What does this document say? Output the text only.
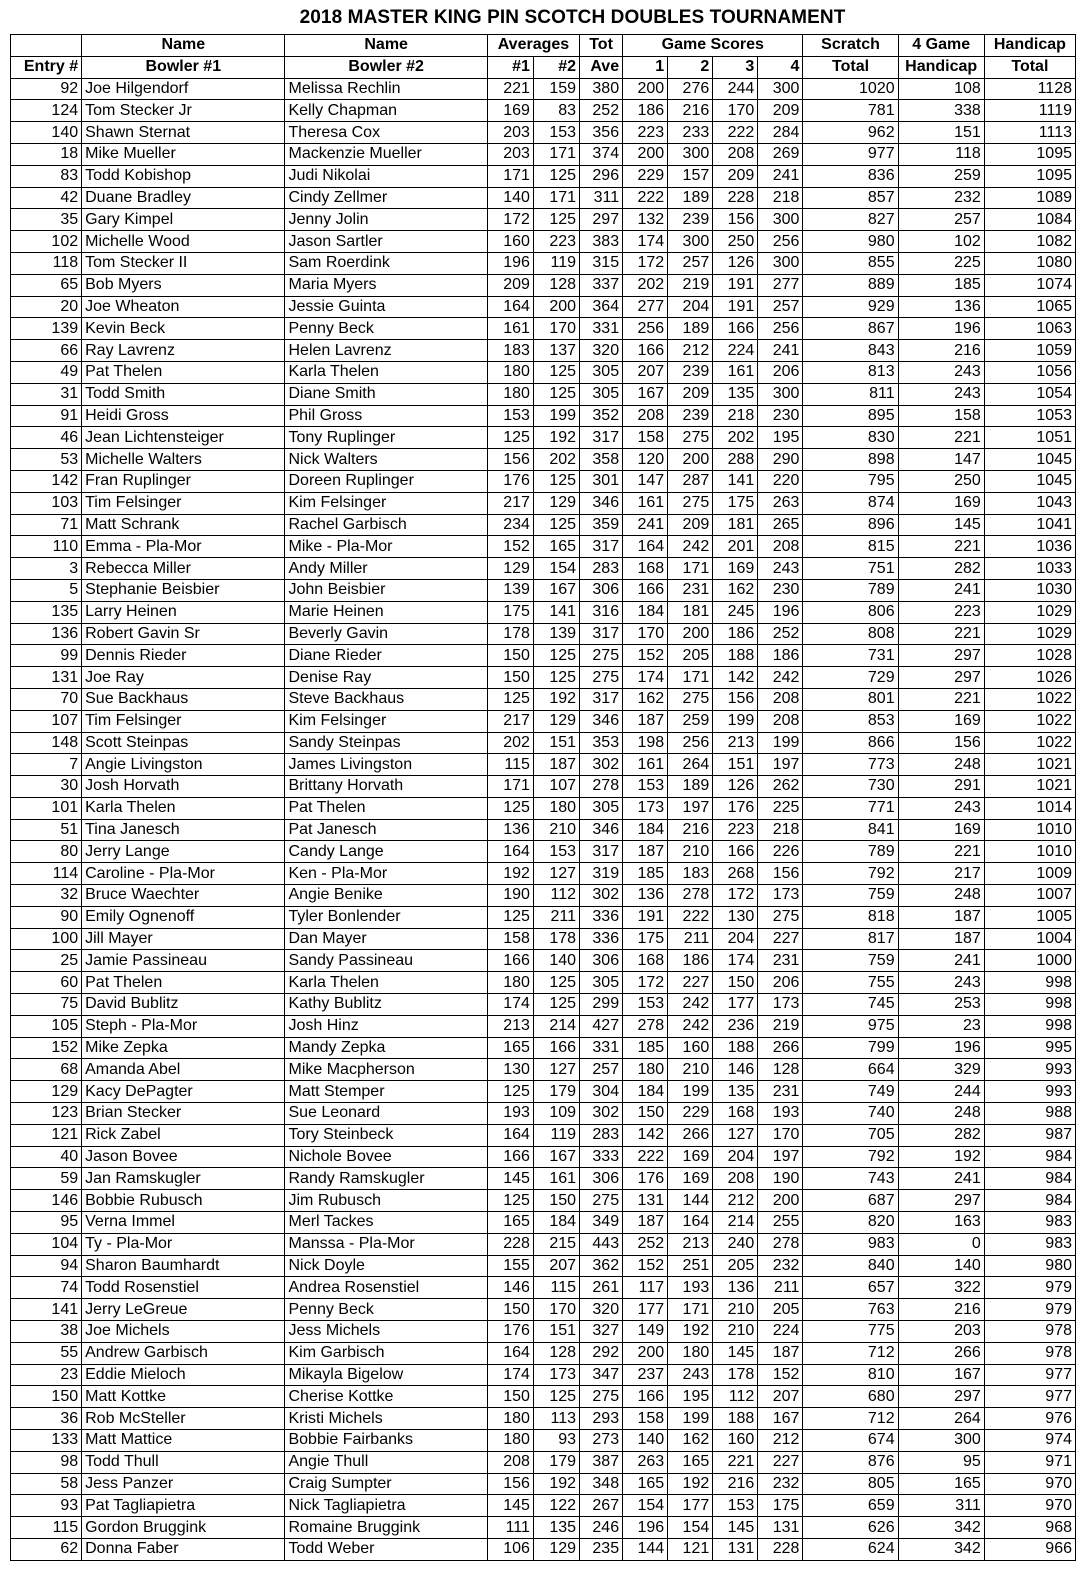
2018 MASTER KING PIN SCOTCH DOUBLES TOURNAMENT
	Name	Name	Averages		Tot	Game Scores				Scratch	4 Game	Handicap
Entry #	Bowler #1	Bowler #2	#1	#2	Ave	1	2	3	4	Total	Handicap	Total
92	Joe Hilgendorf	Melissa Rechlin	221	159	380	200	276	244	300	1020	108	1128
124	Tom Stecker Jr	Kelly Chapman	169	83	252	186	216	170	209	781	338	1119
140	Shawn Sternat	Theresa Cox	203	153	356	223	233	222	284	962	151	1113
18	Mike Mueller	Mackenzie Mueller	203	171	374	200	300	208	269	977	118	1095
83	Todd Kobishop	Judi Nikolai	171	125	296	229	157	209	241	836	259	1095
42	Duane Bradley	Cindy Zellmer	140	171	311	222	189	228	218	857	232	1089
35	Gary Kimpel	Jenny Jolin	172	125	297	132	239	156	300	827	257	1084
102	Michelle Wood	Jason Sartler	160	223	383	174	300	250	256	980	102	1082
118	Tom Stecker II	Sam Roerdink	196	119	315	172	257	126	300	855	225	1080
65	Bob Myers	Maria Myers	209	128	337	202	219	191	277	889	185	1074
20	Joe Wheaton	Jessie Guinta	164	200	364	277	204	191	257	929	136	1065
139	Kevin Beck	Penny Beck	161	170	331	256	189	166	256	867	196	1063
66	Ray Lavrenz	Helen Lavrenz	183	137	320	166	212	224	241	843	216	1059
49	Pat Thelen	Karla Thelen	180	125	305	207	239	161	206	813	243	1056
31	Todd Smith	Diane Smith	180	125	305	167	209	135	300	811	243	1054
91	Heidi Gross	Phil Gross	153	199	352	208	239	218	230	895	158	1053
46	Jean Lichtensteiger	Tony Ruplinger	125	192	317	158	275	202	195	830	221	1051
53	Michelle Walters	Nick Walters	156	202	358	120	200	288	290	898	147	1045
142	Fran Ruplinger	Doreen Ruplinger	176	125	301	147	287	141	220	795	250	1045
103	Tim Felsinger	Kim Felsinger	217	129	346	161	275	175	263	874	169	1043
71	Matt Schrank	Rachel Garbisch	234	125	359	241	209	181	265	896	145	1041
110	Emma - Pla-Mor	Mike - Pla-Mor	152	165	317	164	242	201	208	815	221	1036
3	Rebecca Miller	Andy Miller	129	154	283	168	171	169	243	751	282	1033
5	Stephanie Beisbier	John Beisbier	139	167	306	166	231	162	230	789	241	1030
135	Larry Heinen	Marie Heinen	175	141	316	184	181	245	196	806	223	1029
136	Robert Gavin Sr	Beverly Gavin	178	139	317	170	200	186	252	808	221	1029
99	Dennis Rieder	Diane Rieder	150	125	275	152	205	188	186	731	297	1028
131	Joe Ray	Denise Ray	150	125	275	174	171	142	242	729	297	1026
70	Sue Backhaus	Steve Backhaus	125	192	317	162	275	156	208	801	221	1022
107	Tim Felsinger	Kim Felsinger	217	129	346	187	259	199	208	853	169	1022
148	Scott Steinpas	Sandy Steinpas	202	151	353	198	256	213	199	866	156	1022
7	Angie Livingston	James Livingston	115	187	302	161	264	151	197	773	248	1021
30	Josh Horvath	Brittany Horvath	171	107	278	153	189	126	262	730	291	1021
101	Karla Thelen	Pat Thelen	125	180	305	173	197	176	225	771	243	1014
51	Tina Janesch	Pat Janesch	136	210	346	184	216	223	218	841	169	1010
80	Jerry Lange	Candy Lange	164	153	317	187	210	166	226	789	221	1010
114	Caroline - Pla-Mor	Ken - Pla-Mor	192	127	319	185	183	268	156	792	217	1009
32	Bruce Waechter	Angie Benike	190	112	302	136	278	172	173	759	248	1007
90	Emily Ognenoff	Tyler Bonlender	125	211	336	191	222	130	275	818	187	1005
100	Jill Mayer	Dan Mayer	158	178	336	175	211	204	227	817	187	1004
25	Jamie Passineau	Sandy Passineau	166	140	306	168	186	174	231	759	241	1000
60	Pat Thelen	Karla Thelen	180	125	305	172	227	150	206	755	243	998
75	David Bublitz	Kathy Bublitz	174	125	299	153	242	177	173	745	253	998
105	Steph - Pla-Mor	Josh Hinz	213	214	427	278	242	236	219	975	23	998
152	Mike Zepka	Mandy Zepka	165	166	331	185	160	188	266	799	196	995
68	Amanda Abel	Mike Macpherson	130	127	257	180	210	146	128	664	329	993
129	Kacy DePagter	Matt Stemper	125	179	304	184	199	135	231	749	244	993
123	Brian Stecker	Sue Leonard	193	109	302	150	229	168	193	740	248	988
121	Rick Zabel	Tory Steinbeck	164	119	283	142	266	127	170	705	282	987
40	Jason Bovee	Nichole Bovee	166	167	333	222	169	204	197	792	192	984
59	Jan Ramskugler	Randy Ramskugler	145	161	306	176	169	208	190	743	241	984
146	Bobbie Rubusch	Jim Rubusch	125	150	275	131	144	212	200	687	297	984
95	Verna Immel	Merl Tackes	165	184	349	187	164	214	255	820	163	983
104	Ty - Pla-Mor	Manssa - Pla-Mor	228	215	443	252	213	240	278	983	0	983
94	Sharon Baumhardt	Nick Doyle	155	207	362	152	251	205	232	840	140	980
74	Todd Rosenstiel	Andrea Rosenstiel	146	115	261	117	193	136	211	657	322	979
141	Jerry LeGreue	Penny Beck	150	170	320	177	171	210	205	763	216	979
38	Joe Michels	Jess Michels	176	151	327	149	192	210	224	775	203	978
55	Andrew Garbisch	Kim Garbisch	164	128	292	200	180	145	187	712	266	978
23	Eddie Mieloch	Mikayla Bigelow	174	173	347	237	243	178	152	810	167	977
150	Matt Kottke	Cherise Kottke	150	125	275	166	195	112	207	680	297	977
36	Rob McSteller	Kristi Michels	180	113	293	158	199	188	167	712	264	976
133	Matt Mattice	Bobbie Fairbanks	180	93	273	140	162	160	212	674	300	974
98	Todd Thull	Angie Thull	208	179	387	263	165	221	227	876	95	971
58	Jess Panzer	Craig Sumpter	156	192	348	165	192	216	232	805	165	970
93	Pat Tagliapietra	Nick Tagliapietra	145	122	267	154	177	153	175	659	311	970
115	Gordon Bruggink	Romaine Bruggink	111	135	246	196	154	145	131	626	342	968
62	Donna Faber	Todd Weber	106	129	235	144	121	131	228	624	342	966
